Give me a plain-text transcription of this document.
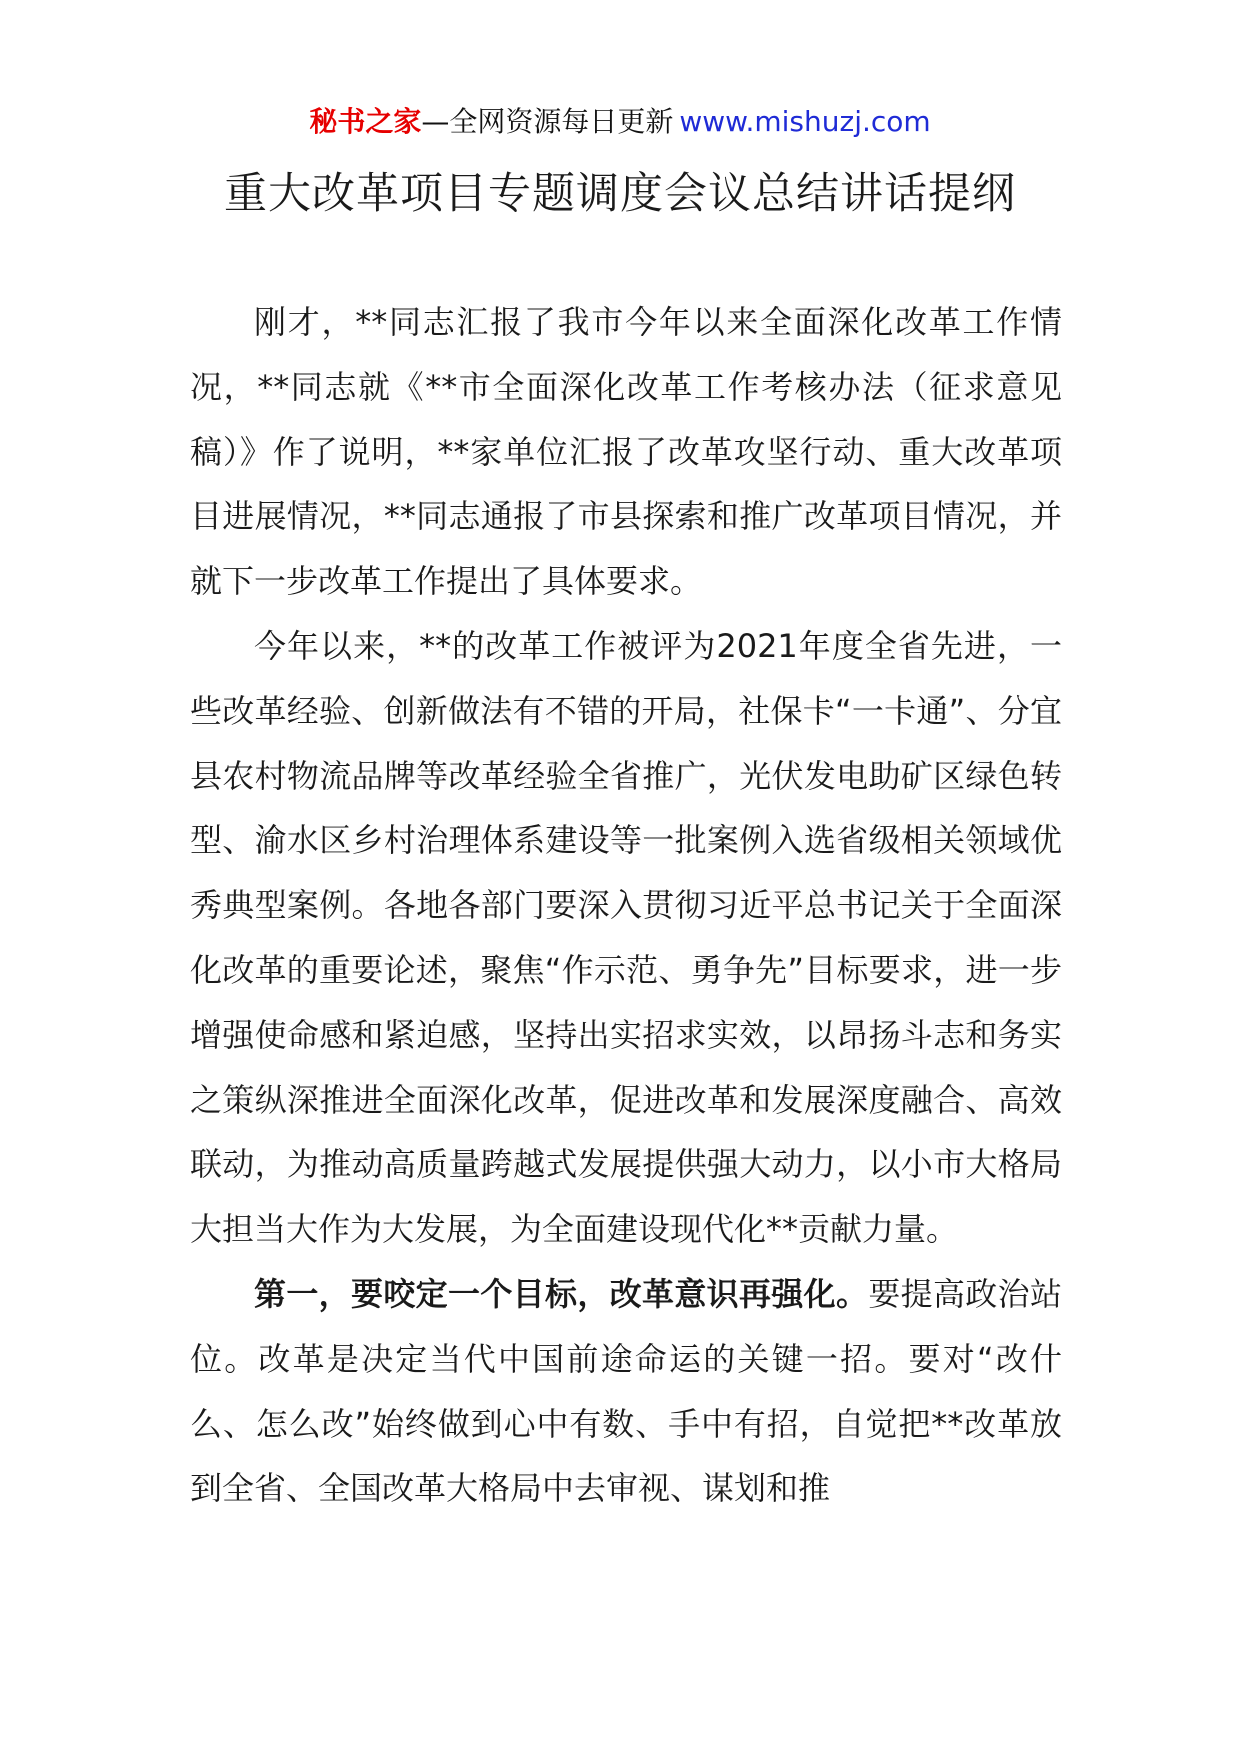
秘书之家—全网资源每日更新 www.mishuzj.com
重大改革项目专题调度会议总结讲话提纲

刚才，**同志汇报了我市今年以来全面深化改革工作情况，**同志就《**市全面深化改革工作考核办法（征求意见稿）》作了说明，**家单位汇报了改革攻坚行动、重大改革项目进展情况，**同志通报了市县探索和推广改革项目情况，并就下一步改革工作提出了具体要求。

今年以来，**的改革工作被评为2021年度全省先进，一些改革经验、创新做法有不错的开局，社保卡“一卡通”、分宜县农村物流品牌等改革经验全省推广，光伏发电助矿区绿色转型、渝水区乡村治理体系建设等一批案例入选省级相关领域优秀典型案例。各地各部门要深入贯彻习近平总书记关于全面深化改革的重要论述，聚焦“作示范、勇争先”目标要求，进一步增强使命感和紧迫感，坚持出实招求实效，以昂扬斗志和务实之策纵深推进全面深化改革，促进改革和发展深度融合、高效联动，为推动高质量跨越式发展提供强大动力，以小市大格局大担当大作为大发展，为全面建设现代化**贡献力量。

第一，要咬定一个目标，改革意识再强化。要提高政治站位。改革是决定当代中国前途命运的关键一招。要对“改什么、怎么改”始终做到心中有数、手中有招，自觉把**改革放到全省、全国改革大格局中去审视、谋划和推
